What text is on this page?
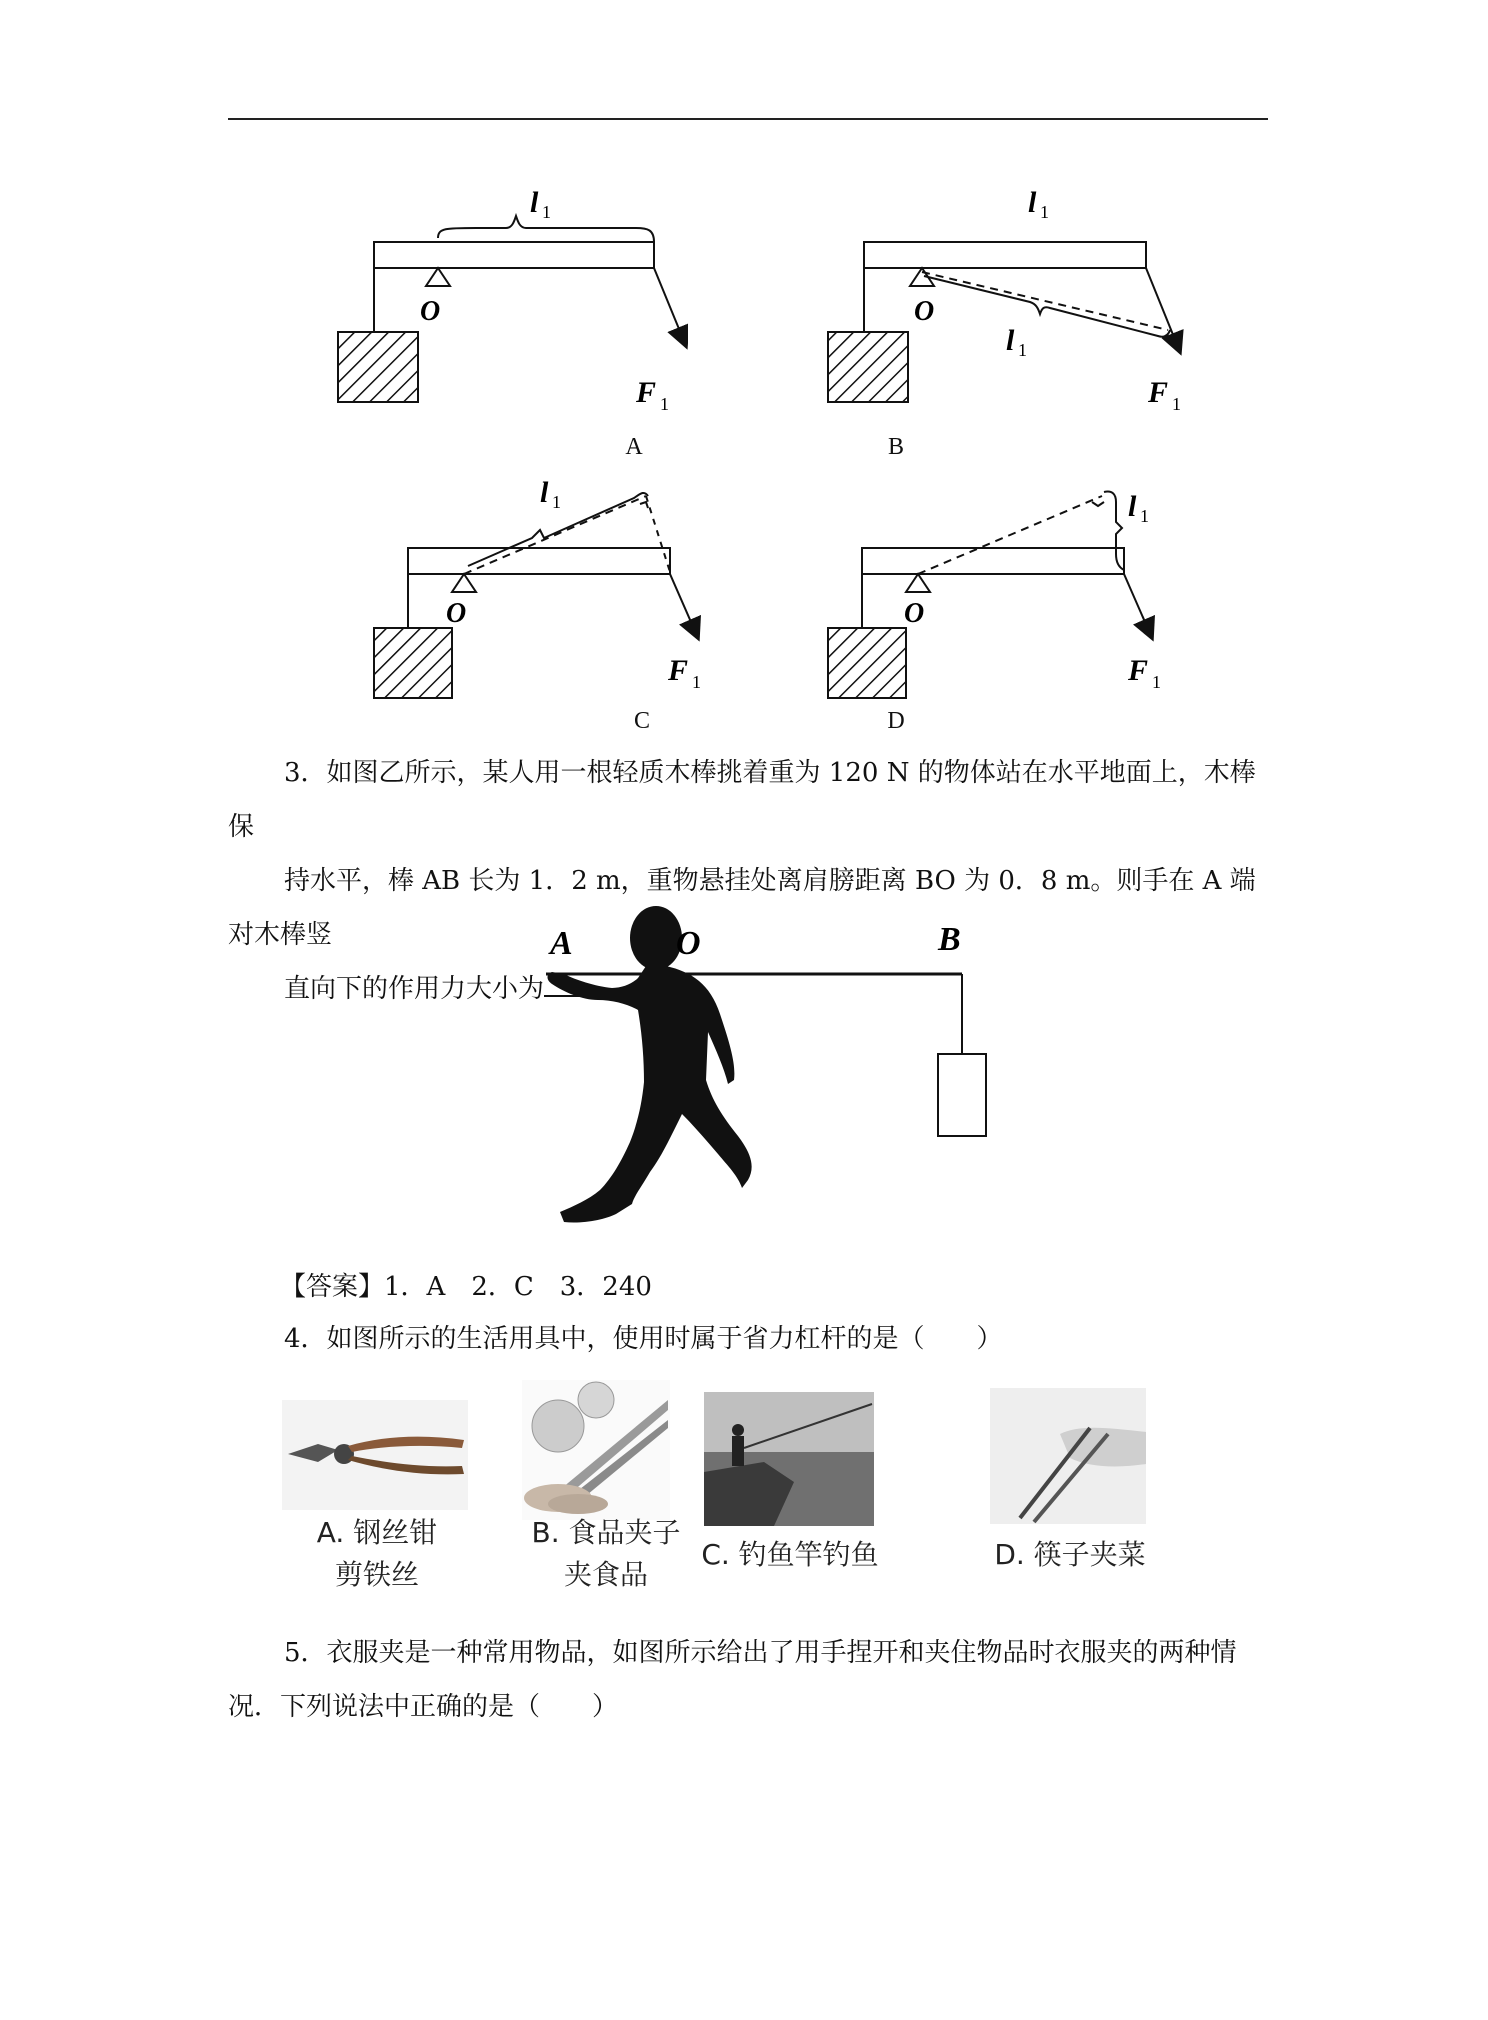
O
l 1
F 1
A
O
l 1
l 1
F 1
B
O
l 1
F 1
C
O
l 1
F 1
D
3．如图乙所示，某人用一根轻质木棒挑着重为 120 N 的物体站在水平地面上，木棒保
持水平，棒 AB 长为 1．2 m，重物悬挂处离肩膀距离 BO 为 0．8 m。则手在 A 端对木棒竖
直向下的作用力大小为
A	O	B
【答案】1．A　2．C　3．240
4．如图所示的生活用具中，使用时属于省力杠杆的是（　　）
A. 钢丝钳
剪铁丝
B. 食品夹子
夹食品
C. 钓鱼竿钓鱼	D. 筷子夹菜
5．衣服夹是一种常用物品，如图所示给出了用手捏开和夹住物品时衣服夹的两种情
况．下列说法中正确的是（　　）
